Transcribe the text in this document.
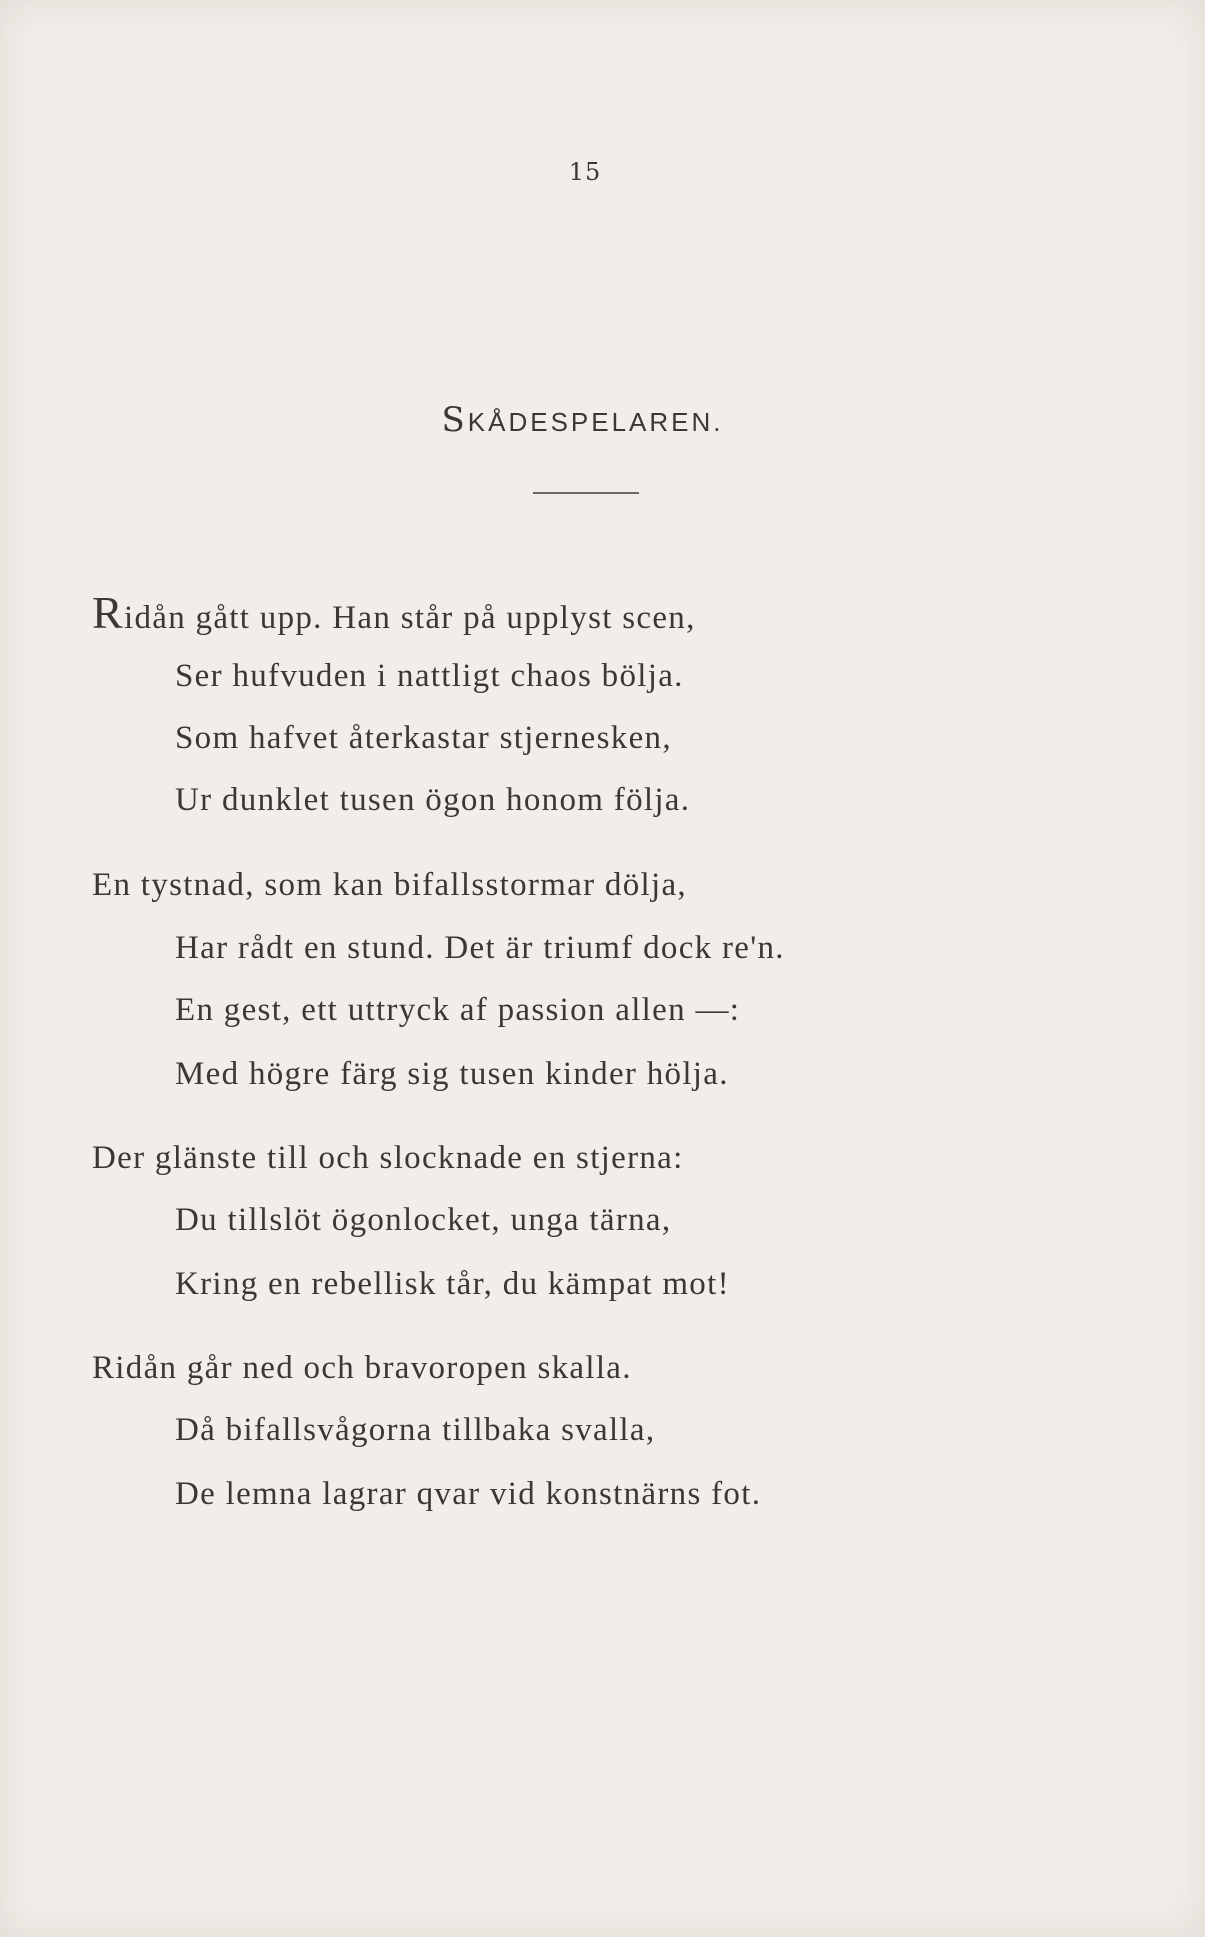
15
SKÅDESPELAREN.
Ridån gått upp. Han står på upplyst scen,
Ser hufvuden i nattligt chaos bölja.
Som hafvet återkastar stjernesken,
Ur dunklet tusen ögon honom följa.
En tystnad, som kan bifallsstormar dölja,
Har rådt en stund. Det är triumf dock re'n.
En gest, ett uttryck af passion allen —:
Med högre färg sig tusen kinder hölja.
Der glänste till och slocknade en stjerna:
Du tillslöt ögonlocket, unga tärna,
Kring en rebellisk tår, du kämpat mot!
Ridån går ned och bravoropen skalla.
Då bifallsvågorna tillbaka svalla,
De lemna lagrar qvar vid konstnärns fot.
